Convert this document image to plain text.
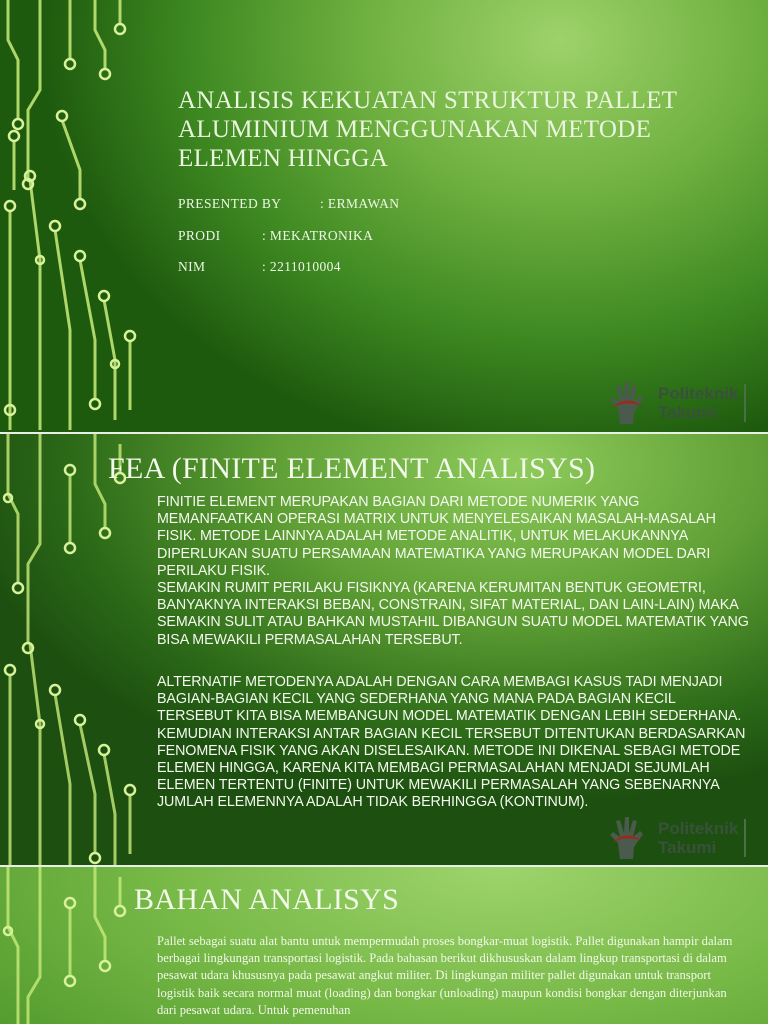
ANALISIS KEKUATAN STRUKTUR PALLET ALUMINIUM MENGGUNAKAN METODE ELEMEN HINGGA
PRESENTED BY	: ERMAWAN
PRODI	: MEKATRONIKA
NIM	: 2211010004
Politeknik
Takumi
FEA (FINITE ELEMENT ANALISYS)
FINITIE ELEMENT MERUPAKAN BAGIAN DARI METODE NUMERIK YANG MEMANFAATKAN OPERASI MATRIX UNTUK MENYELESAIKAN MASALAH-MASALAH FISIK. METODE LAINNYA ADALAH METODE ANALITIK, UNTUK MELAKUKANNYA DIPERLUKAN SUATU PERSAMAAN MATEMATIKA YANG MERUPAKAN MODEL DARI PERILAKU FISIK.
SEMAKIN RUMIT PERILAKU FISIKNYA (KARENA KERUMITAN BENTUK GEOMETRI, BANYAKNYA INTERAKSI BEBAN, CONSTRAIN, SIFAT MATERIAL, DAN LAIN-LAIN) MAKA SEMAKIN SULIT ATAU BAHKAN MUSTAHIL DIBANGUN SUATU MODEL MATEMATIK YANG BISA MEWAKILI PERMASALAHAN TERSEBUT.
ALTERNATIF METODENYA ADALAH DENGAN CARA MEMBAGI KASUS TADI MENJADI BAGIAN-BAGIAN KECIL YANG SEDERHANA YANG MANA PADA BAGIAN KECIL TERSEBUT KITA BISA MEMBANGUN MODEL MATEMATIK DENGAN LEBIH SEDERHANA. KEMUDIAN INTERAKSI ANTAR BAGIAN KECIL TERSEBUT DITENTUKAN BERDASARKAN FENOMENA FISIK YANG AKAN DISELESAIKAN. METODE INI DIKENAL SEBAGI METODE ELEMEN HINGGA, KARENA KITA MEMBAGI PERMASALAHAN MENJADI SEJUMLAH ELEMEN TERTENTU (FINITE) UNTUK MEWAKILI PERMASALAH YANG SEBENARNYA JUMLAH ELEMENNYA ADALAH TIDAK BERHINGGA (KONTINUM).
Politeknik
Takumi
BAHAN ANALISYS
Pallet sebagai suatu alat bantu untuk mempermudah proses bongkar-muat logistik. Pallet digunakan hampir dalam berbagai lingkungan transportasi logistik. Pada bahasan berikut dikhususkan dalam lingkup transportasi di dalam pesawat udara khususnya pada pesawat angkut militer. Di lingkungan militer pallet digunakan untuk transport logistik baik secara normal muat (loading) dan bongkar (unloading) maupun kondisi bongkar dengan diterjunkan dari pesawat udara. Untuk pemenuhan
